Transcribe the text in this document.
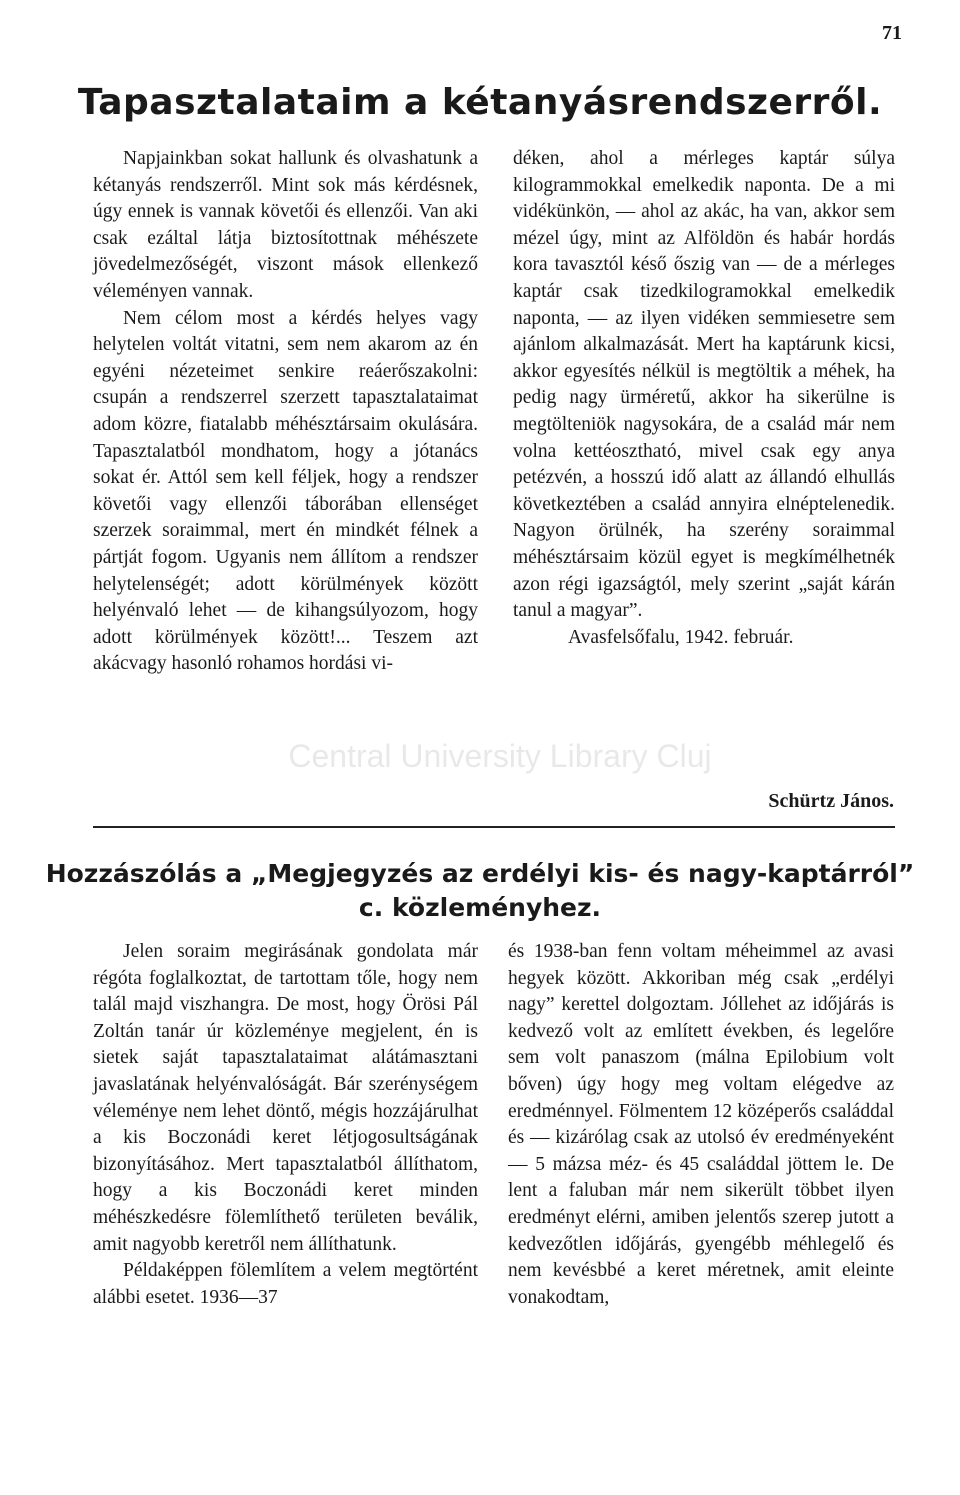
71
Tapasztalataim a kétanyásrendszerről.

Napjainkban sokat hallunk és olvashatunk a kétanyás rendszerről. Mint sok más kérdésnek, úgy ennek is vannak követői és ellenzői. Van aki csak ezáltal látja biztosítottnak méhészete jövedelmezőségét, viszont mások ellenkező véleményen vannak.

Nem célom most a kérdés helyes vagy helytelen voltát vitatni, sem nem akarom az én egyéni nézeteimet senkire reáerőszakolni: csupán a rendszerrel szerzett tapasztalataimat adom közre, fiatalabb méhésztársaim okulására. Tapasztalatból mondhatom, hogy a jótanács sokat ér. Attól sem kell féljek, hogy a rendszer követői vagy ellenzői táborában ellenséget szerzek soraimmal, mert én mindkét félnek a pártját fogom. Ugyanis nem állítom a rendszer helytelenségét; adott körülmények között helyénvaló lehet — de kihangsúlyozom, hogy adott körülmények között!... Teszem azt akácvagy hasonló rohamos hordási vi-

déken, ahol a mérleges kaptár súlya kilogrammokkal emelkedik naponta. De a mi vidékünkön, — ahol az akác, ha van, akkor sem mézel úgy, mint az Alföldön és habár hordás kora tavasztól késő őszig van — de a mérleges kaptár csak tizedkilogramokkal emelkedik naponta, — az ilyen vidéken semmiesetre sem ajánlom alkalmazását. Mert ha kaptárunk kicsi, akkor egyesítés nélkül is megtöltik a méhek, ha pedig nagy ürméretű, akkor ha sikerülne is megtölteniök nagysokára, de a család már nem volna kettéosztható, mivel csak egy anya petézvén, a hosszú idő alatt az állandó elhullás következtében a család annyira elnéptelenedik. Nagyon örülnék, ha szerény soraimmal méhésztársaim közül egyet is megkímélhetnék azon régi igazságtól, mely szerint „saját kárán tanul a magyar”.

Avasfelsőfalu, 1942. február.

Schürtz János.
Central University Library Cluj
Hozzászólás a „Megjegyzés az erdélyi kis- és nagy-kaptárról”
c. közleményhez.

Jelen soraim megirásának gondolata már régóta foglalkoztat, de tartottam tőle, hogy nem talál majd viszhangra. De most, hogy Örösi Pál Zoltán tanár úr közleménye megjelent, én is sietek saját tapasztalataimat alátámasztani javaslatának helyénvalóságát. Bár szerénységem véleménye nem lehet döntő, mégis hozzájárulhat a kis Boczonádi keret létjogosultságának bizonyításához. Mert tapasztalatból állíthatom, hogy a kis Boczonádi keret minden méhészkedésre fölemlíthető területen beválik, amit nagyobb keretről nem állíthatunk.

Példaképpen fölemlítem a velem megtörtént alábbi esetet. 1936—37

és 1938-ban fenn voltam méheimmel az avasi hegyek között. Akkoriban még csak „erdélyi nagy” kerettel dolgoztam. Jóllehet az időjárás is kedvező volt az említett években, és legelőre sem volt panaszom (málna Epilobium volt bőven) úgy hogy meg voltam elégedve az eredménnyel. Fölmentem 12 középerős családdal és — kizárólag csak az utolsó év eredményeként — 5 mázsa méz- és 45 családdal jöttem le. De lent a faluban már nem sikerült többet ilyen eredményt elérni, amiben jelentős szerep jutott a kedvezőtlen időjárás, gyengébb méhlegelő és nem kevésbbé a keret méretnek, amit eleinte vonakodtam,
